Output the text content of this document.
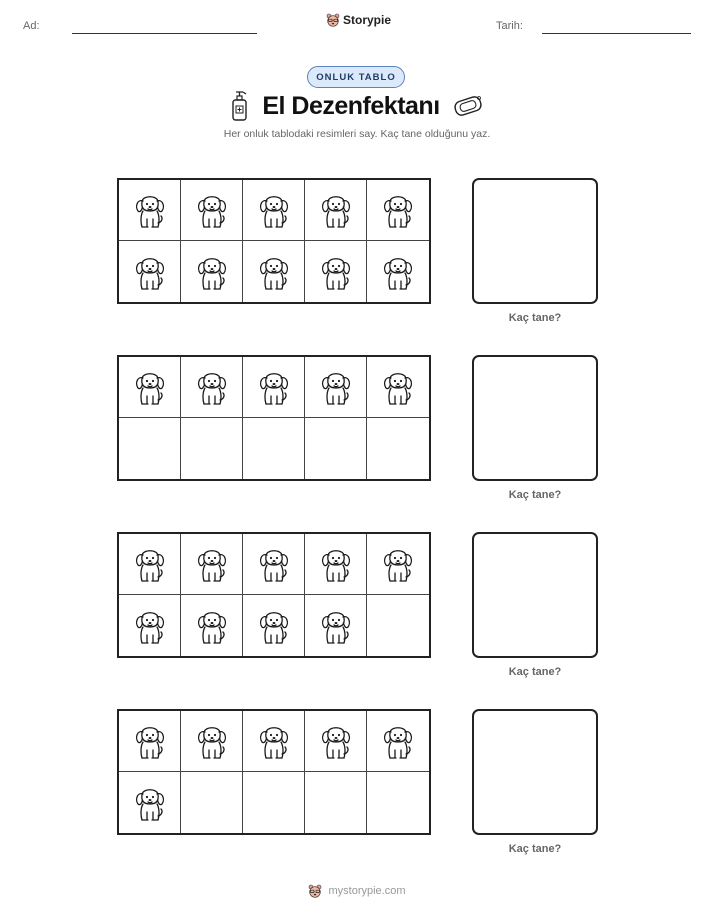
Ad:	Storypie	Tarih:
ONLUK TABLO
El Dezenfektanı
Her onluk tablodaki resimleri say. Kaç tane olduğunu yaz.
Kaç tane?
Kaç tane?
Kaç tane?
Kaç tane?
mystorypie.com
